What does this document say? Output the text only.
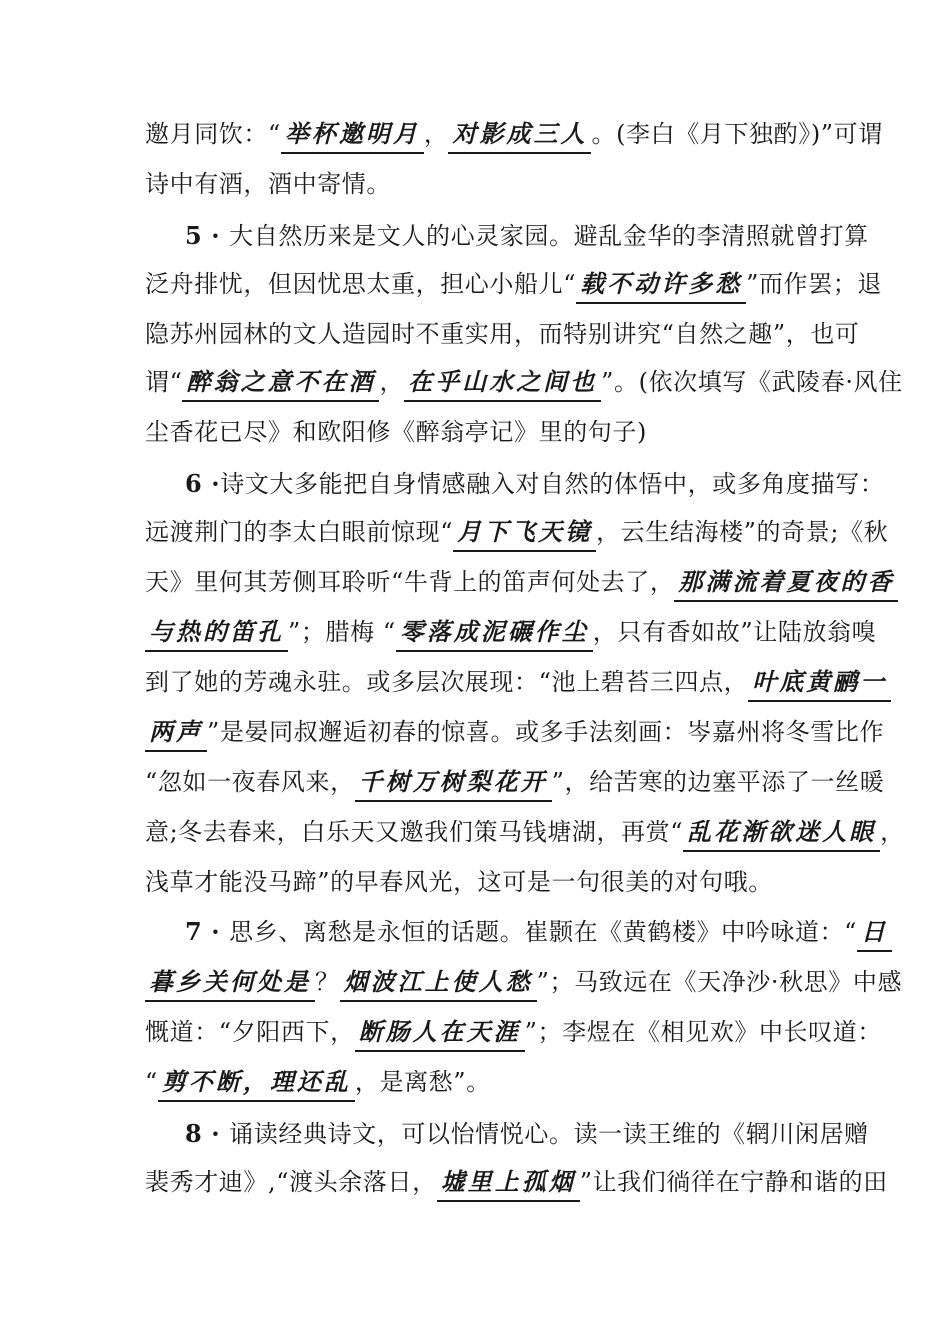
邀月同饮：“ 举杯邀明月 ， 对影成三人 。(李白《月下独酌》)”可谓
诗中有酒，酒中寄情。
5 · 大自然历来是文人的心灵家园。避乱金华的李清照就曾打算
泛舟排忧，但因忧思太重，担心小船儿“ 载不动许多愁 ”而作罢；退
隐苏州园林的文人造园时不重实用，而特别讲究“自然之趣”，也可
谓“ 醉翁之意不在酒 ， 在乎山水之间也 ”。(依次填写《武陵春·风住
尘香花已尽》和欧阳修《醉翁亭记》里的句子)
6 ·诗文大多能把自身情感融入对自然的体悟中，或多角度描写：
远渡荆门的李太白眼前惊现“ 月下飞天镜 ，云生结海楼”的奇景;《秋
天》里何其芳侧耳聆听“牛背上的笛声何处去了， 那满流着夏夜的香
与热的笛孔 ”；腊梅 “ 零落成泥碾作尘 ，只有香如故”让陆放翁嗅
到了她的芳魂永驻。或多层次展现：“池上碧苔三四点， 叶底黄鹂一
两声 ”是晏同叔邂逅初春的惊喜。或多手法刻画：岑嘉州将冬雪比作
“忽如一夜春风来， 千树万树梨花开 ”，给苦寒的边塞平添了一丝暖
意;冬去春来，白乐天又邀我们策马钱塘湖，再赏“ 乱花渐欲迷人眼 ，
浅草才能没马蹄”的早春风光，这可是一句很美的对句哦。
7 · 思乡、离愁是永恒的话题。崔颢在《黄鹤楼》中吟咏道：“ 日
暮乡关何处是 ？ 烟波江上使人愁 ”；马致远在《天净沙·秋思》中感
慨道：“夕阳西下， 断肠人在天涯 ”；李煜在《相见欢》中长叹道：
“ 剪不断，理还乱 ，是离愁”。
8 · 诵读经典诗文，可以怡情悦心。读一读王维的《辋川闲居赠
裴秀才迪》,“渡头余落日， 墟里上孤烟 ”让我们徜徉在宁静和谐的田
